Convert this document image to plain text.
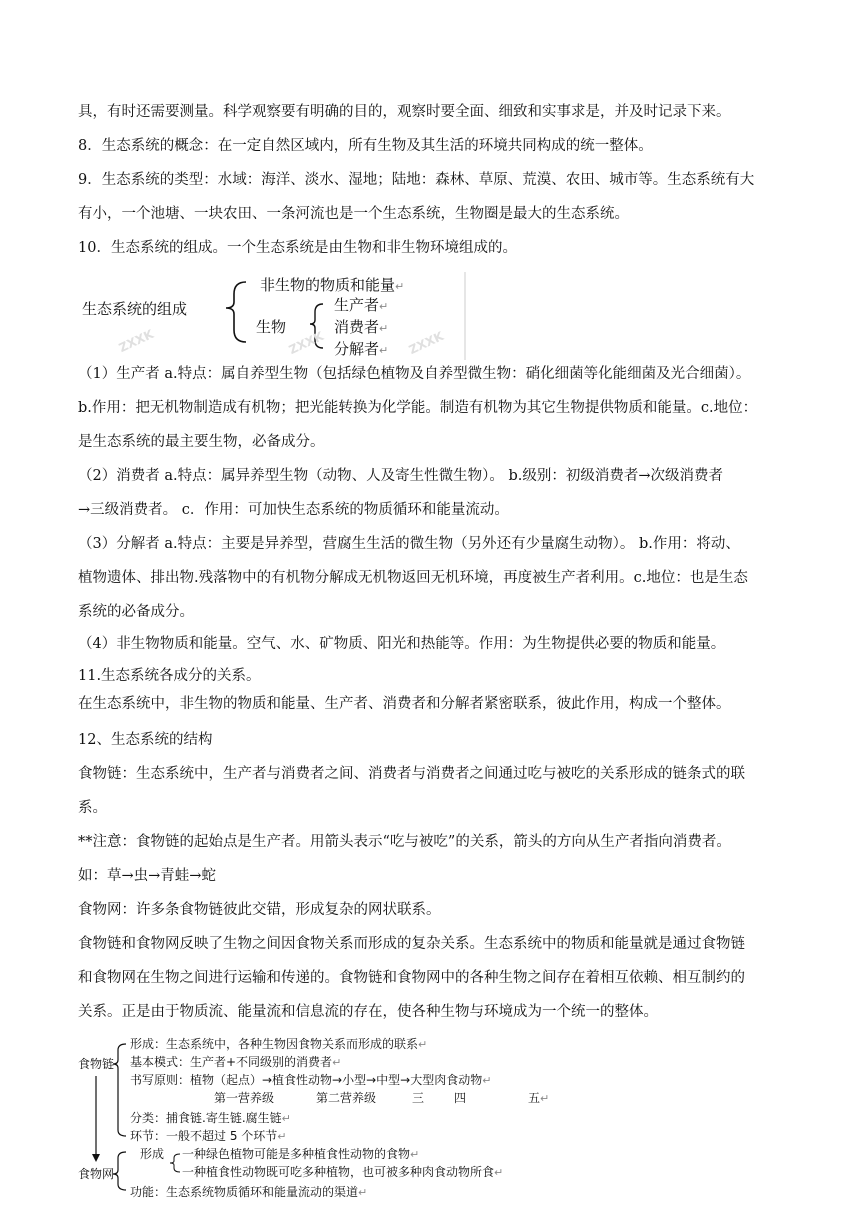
具，有时还需要测量。科学观察要有明确的目的，观察时要全面、细致和实事求是，并及时记录下来。
8．生态系统的概念：在一定自然区域内，所有生物及其生活的环境共同构成的统一整体。
9．生态系统的类型：水域：海洋、淡水、湿地；陆地：森林、草原、荒漠、农田、城市等。生态系统有大
有小，一个池塘、一块农田、一条河流也是一个生态系统，生物圈是最大的生态系统。
10．生态系统的组成。一个生态系统是由生物和非生物环境组成的。
（1）生产者 a.特点：属自养型生物（包括绿色植物及自养型微生物：硝化细菌等化能细菌及光合细菌）。
b.作用：把无机物制造成有机物；把光能转换为化学能。制造有机物为其它生物提供物质和能量。c.地位：
是生态系统的最主要生物，必备成分。
（2）消费者 a.特点：属异养型生物（动物、人及寄生性微生物）。 b.级别：初级消费者→次级消费者
→三级消费者。 c．作用：可加快生态系统的物质循环和能量流动。
（3）分解者 a.特点：主要是异养型，营腐生生活的微生物（另外还有少量腐生动物）。 b.作用：将动、
植物遗体、排出物.残落物中的有机物分解成无机物返回无机环境，再度被生产者利用。c.地位：也是生态
系统的必备成分。
（4）非生物物质和能量。空气、水、矿物质、阳光和热能等。作用：为生物提供必要的物质和能量。
11.生态系统各成分的关系。
在生态系统中，非生物的物质和能量、生产者、消费者和分解者紧密联系，彼此作用，构成一个整体。
12、生态系统的结构
食物链：生态系统中，生产者与消费者之间、消费者与消费者之间通过吃与被吃的关系形成的链条式的联
系。
**注意：食物链的起始点是生产者。用箭头表示“吃与被吃”的关系，箭头的方向从生产者指向消费者。
如：草→虫→青蛙→蛇
食物网：许多条食物链彼此交错，形成复杂的网状联系。
食物链和食物网反映了生物之间因食物关系而形成的复杂关系。生态系统中的物质和能量就是通过食物链
和食物网在生物之间进行运输和传递的。食物链和食物网中的各种生物之间存在着相互依赖、相互制约的
关系。正是由于物质流、能量流和信息流的存在，使各种生物与环境成为一个统一的整体。
ZXXK	ZXXK	ZXXK
生态系统的组成
非生物的物质和能量↵
生物
生产者↵
消费者↵
分解者↵
食物链
形成：生态系统中，各种生物因食物关系而形成的联系↵
基本模式：生产者+不同级别的消费者↵
书写原则：植物（起点）→植食性动物→小型→中型→大型肉食动物↵
第一营养级	第二营养级	三 四	五↵
分类：捕食链.寄生链.腐生链↵
环节：一般不超过 5 个环节↵
食物网
形成 一种绿色植物可能是多种植食性动物的食物↵
一种植食性动物既可吃多种植物，也可被多种肉食动物所食↵
功能：生态系统物质循环和能量流动的渠道↵
